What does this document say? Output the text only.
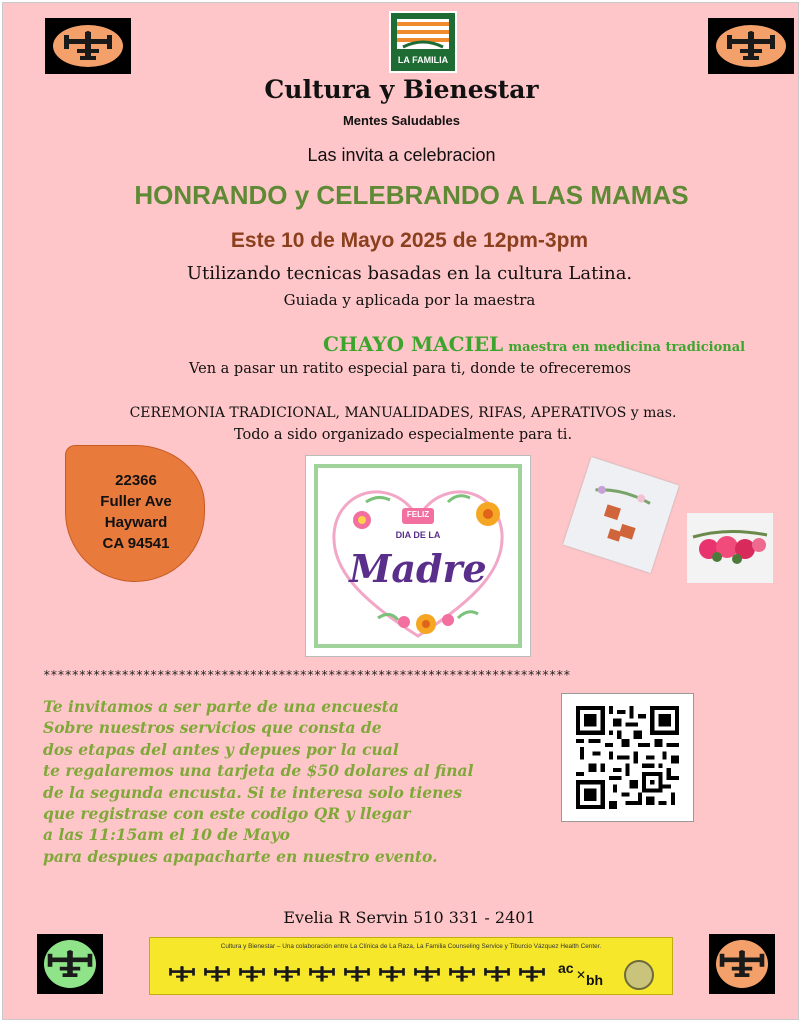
LA FAMILIA
Cultura y Bienestar
Mentes Saludables
Las invita a celebracion
HONRANDO y CELEBRANDO A LAS MAMAS
Este 10 de Mayo 2025 de 12pm-3pm
Utilizando tecnicas basadas en la cultura Latina.
Guiada y aplicada por la maestra
CHAYO MACIEL maestra en medicina tradicional
Ven a pasar un ratito especial para ti, donde te ofreceremos
CEREMONIA TRADICIONAL, MANUALIDADES, RIFAS, APERATIVOS y mas.
Todo a sido organizado especialmente para ti.
22366
Fuller Ave
Hayward
CA 94541
FELIZ
DIA DE LA
Madre
**************************************************************************
Te invitamos a ser parte de una encuesta
Sobre nuestros servicios que consta de
dos etapas del antes y depues por la cual
te regalaremos una tarjeta de $50 dolares al final
de la segunda encusta. Si te interesa solo tienes
que registrase con este codigo QR y llegar
a las 11:15am el 10 de Mayo
para despues apapacharte en nuestro evento.
Evelia R Servin 510 331 - 2401
Cultura y Bienestar – Una colaboración entre La Clínica de La Raza, La Familia Counseling Service y Tiburcio Vázquez Health Center.
ac ✕ bh
